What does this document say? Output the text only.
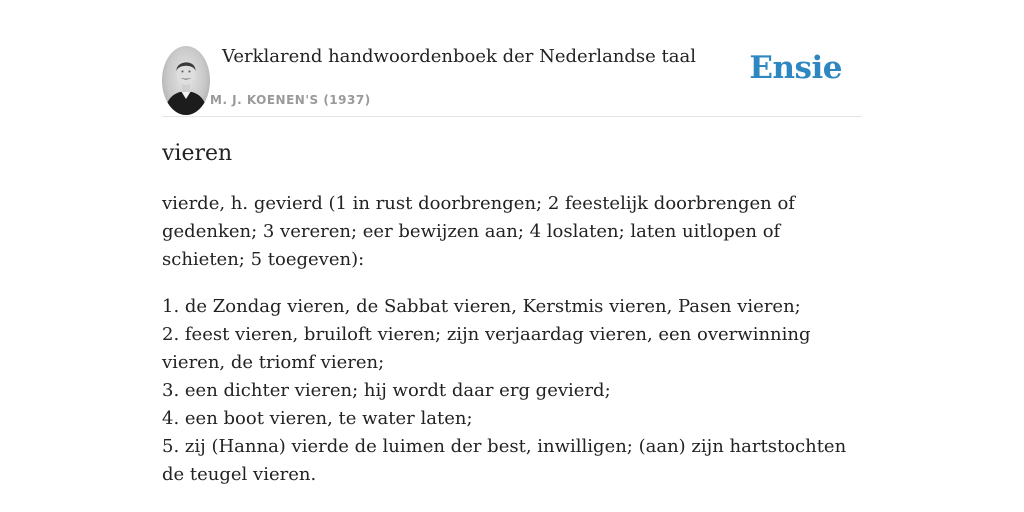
Verklarend handwoordenboek der Nederlandse taal
M. J. KOENEN'S (1937)
Ensie
vieren

vierde, h. gevierd (1 in rust doorbrengen; 2 feestelijk doorbrengen of gedenken; 3 vereren; eer bewijzen aan; 4 loslaten; laten uitlopen of schieten; 5 toegeven):

1. de Zondag vieren, de Sabbat vieren, Kerstmis vieren, Pasen vieren;
2. feest vieren, bruiloft vieren; zijn verjaardag vieren, een overwinning vieren, de triomf vieren;
3. een dichter vieren; hij wordt daar erg gevierd;
4. een boot vieren, te water laten;
5. zij (Hanna) vierde de luimen der best, inwilligen; (aan) zijn hartstochten de teugel vieren.
